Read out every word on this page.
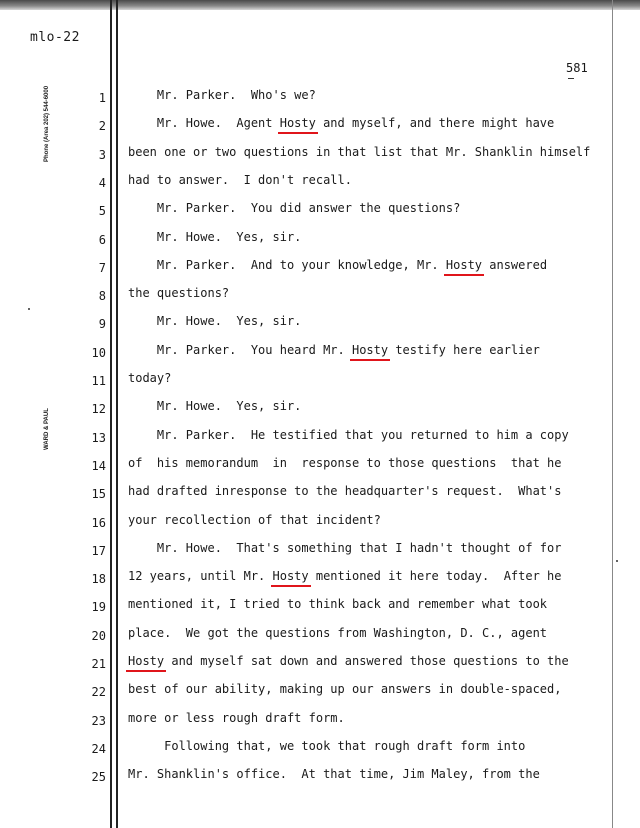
mlo-22
Phone (Area 202) 544-6000
WARD & PAUL
581
1 Mr. Parker.  Who's we?
2 Mr. Howe.  Agent Hosty and myself, and there might have
3 been one or two questions in that list that Mr. Shanklin himself
4 had to answer.  I don't recall.
5 Mr. Parker.  You did answer the questions?
6 Mr. Howe.  Yes, sir.
7 Mr. Parker.  And to your knowledge, Mr. Hosty answered
8 the questions?
9 Mr. Howe.  Yes, sir.
10 Mr. Parker.  You heard Mr. Hosty testify here earlier
11 today?
12 Mr. Howe.  Yes, sir.
13 Mr. Parker.  He testified that you returned to him a copy
14 of  his memorandum  in  response to those questions  that he
15 had drafted inresponse to the headquarter's request.  What's
16 your recollection of that incident?
17 Mr. Howe.  That's something that I hadn't thought of for
18 12 years, until Mr. Hosty mentioned it here today.  After he
19 mentioned it, I tried to think back and remember what took
20 place.  We got the questions from Washington, D. C., agent
21 Hosty and myself sat down and answered those questions to the
22 best of our ability, making up our answers in double-spaced,
23 more or less rough draft form.
24 Following that, we took that rough draft form into
25 Mr. Shanklin's office.  At that time, Jim Maley, from the
